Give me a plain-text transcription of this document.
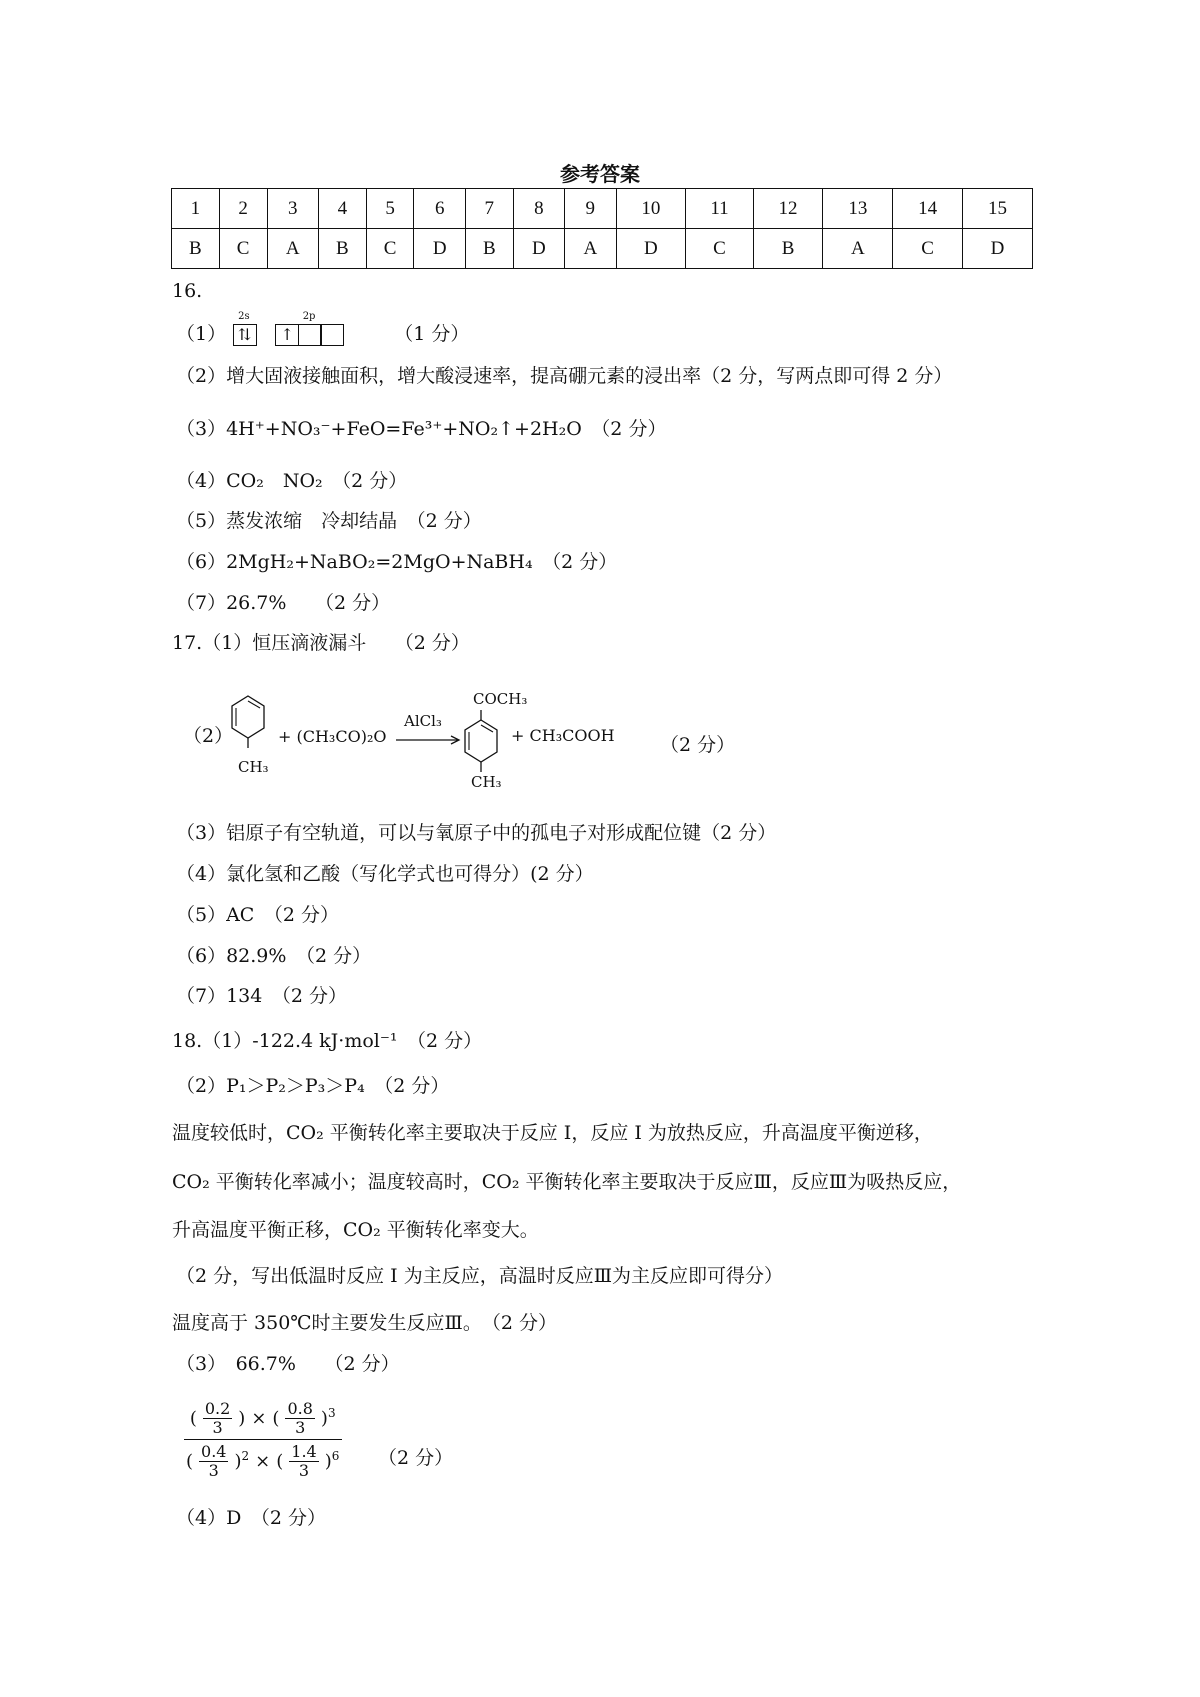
参考答案
1	2	3	4	5	6	7	8	9	10	11	12	13	14	15
B	C	A	B	C	D	B	D	A	D	C	B	A	C	D
16.
（1）
2s
⇅
2p
↑	（1 分）
（2）增大固液接触面积，增大酸浸速率，提高硼元素的浸出率（2 分，写两点即可得 2 分）
（3）4H⁺+NO₃⁻+FeO=Fe³⁺+NO₂↑+2H₂O　（2 分）
（4）CO₂　NO₂　（2 分）
（5）蒸发浓缩　冷却结晶　（2 分）
（6）2MgH₂+NaBO₂=2MgO+NaBH₄　（2 分）
（7）26.7%　　（2 分）
17.（1）恒压滴液漏斗　　（2 分）
（2）
CH₃
+ (CH₃CO)₂O
AlCl₃
COCH₃
CH₃
+ CH₃COOH （2 分）
（3）铝原子有空轨道，可以与氧原子中的孤电子对形成配位键（2 分）
（4）氯化氢和乙酸（写化学式也可得分）(2 分）
（5）AC　（2 分）
（6）82.9%　（2 分）
（7）134　（2 分）
18.（1）-122.4 kJ·mol⁻¹　（2 分）
（2）P₁＞P₂＞P₃＞P₄　（2 分）
温度较低时，CO₂ 平衡转化率主要取决于反应 I，反应 I 为放热反应，升高温度平衡逆移，
CO₂ 平衡转化率减小；温度较高时，CO₂ 平衡转化率主要取决于反应Ⅲ，反应Ⅲ为吸热反应，
升高温度平衡正移，CO₂ 平衡转化率变大。
（2 分，写出低温时反应 I 为主反应，高温时反应Ⅲ为主反应即可得分）
温度高于 350℃时主要发生反应Ⅲ。　（2 分）
（3）　66.7%　　（2 分）
( $\frac{0.2}{3}$ ) × ( $\frac{0.8}{3} )^3$
( $\frac{0.4}{3} )^2$ × ( $\frac{1.4}{3} )^6$ （2 分）
（4）D　（2 分）
